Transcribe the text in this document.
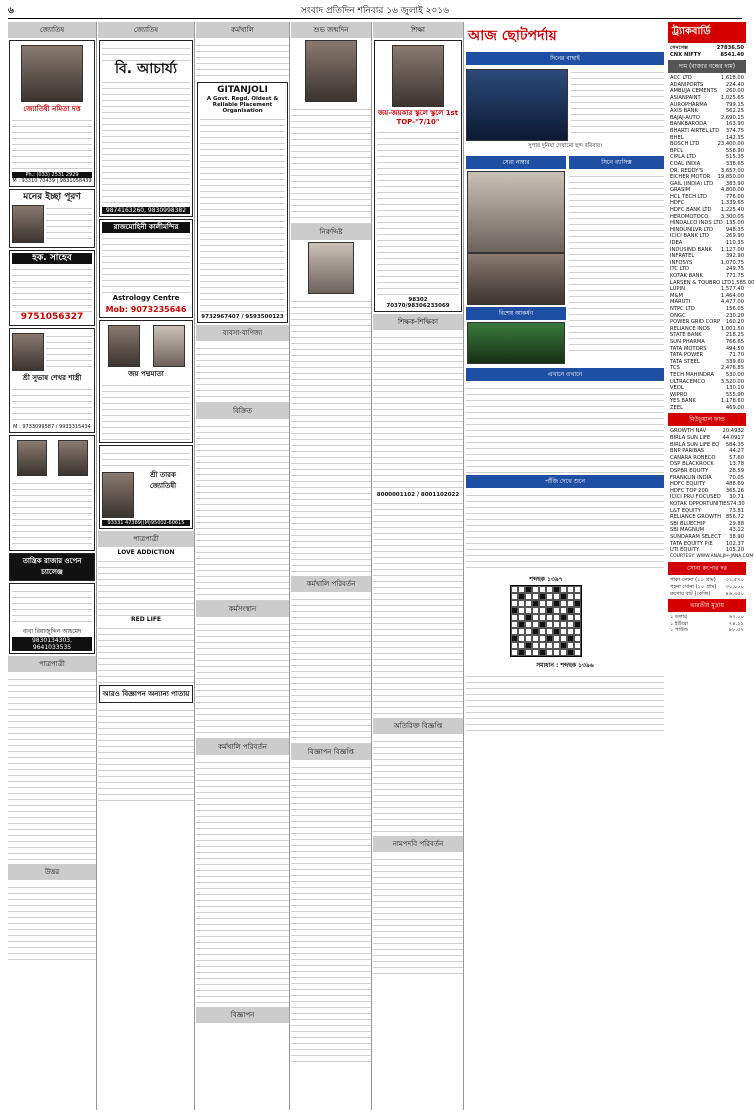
৬	সংবাদ প্রতিদিন শনিবার ১৬ জুলাই ২০১৬
জ্যোতিষ
জ্যোতিষী নমিতা দত্ত
Ph.: (033) 2531 2929
M : 93310 70439 | 9831058439
মনের ইচ্ছা পূরণ
হক. সাহেব
9751056327
শ্রী সুভাষ শেখর শাস্ত্রী
M : 9733099587 / 9933315434
তান্ত্রিক রাজার ওপেন চ্যালেঞ্জ
বাবা রিয়াজুদ্দিন আহমেদ
9830134303, 9641033535
পাত্রপাত্রী
উত্তর
জ্যোতিষ
বি. আচার্য্য
9874163260, 9830998382
রাজমোহিনী কালীমন্দির
Astrology Centre
Mob: 9073235646
জয় পদ্মমাতা
শ্রী তারক জ্যোতিষী
93331 47389|(M)95002-60615
পাত্রপাত্রী
LOVE ADDICTION
RED LIFE
আরও বিজ্ঞাপন অন্যান্য পাতায়
কর্মখালি
GITANJOLI
A Govt. Regd. Oldest & Reliable Placement Organisation
9732967407 / 9593500123
ব্যবসা-বাণিজ্য
বিক্রিত
কর্মসংস্থান
কর্মখালি পরিবর্তন
বিজ্ঞাপন
শুভ জন্মদিন
নিরুদ্দিষ্ট
কর্মখালি পরিবর্তন
বিজ্ঞাপন বিজ্ঞপ্তি
শিক্ষা
জয়-জয়কার স্কুলে স্কুলে 1st TOP-"7/10"
98302 70370/98306233069
শিক্ষক-শিক্ষিকা
8000001102 / 8001102022
অতিরিক্ত বিজ্ঞপ্তি
নামপদবি পরিবর্তন
আজ ছোটপর্দায়
দিনের বাছাই
সুপার দুনিয়া দেখানো ছন্দ রবিবার।
সেরা নাম্বার	সিনে ব্যাসিক্স
বিশেষ আকর্ষণ
এখানে ওখানে
পাঁজি দেখে শুনে
শব্দছক ১৩৯৭
সমাধান : শব্দছক ১৩৯৬
ট্র্যাকবার্ডি
সেনসেক্স	27836.50
CNX NIFTY	8541.40
দাম (বাজার বন্ধের দাম)
ACC LTD	1,618.00
ADANIPORTS	224.40
AMBUJA CEMENTS 260.00
ASIANPAINT	1,025.65
AUROPHARMA	799.15
AXIS BANK	562.25
BAJAJ-AUTO	2,690.15
BANKBARODA	163.90
BHARTI AIRTEL LTD 374.75
BHEL	142.35
BOSCH LTD	23,400.00
BPCL	558.90
CIPLA LTD	515.35
COAL INDIA	338.65
DR. REDDY'S	3,657.00
EICHER MOTOR 19,850.00
GAIL (INDIA) LTD 383.90
GRASIM	4,800.00
HCL TECH LTD	776.00
HDFC	1,339.65
HDFC BANK LTD 1,225.40
HEROMOTOCO 3,300.05
HINDALCO INDS LTD 135.00
HINDUNILVR LTD 948.35
ICICI BANK LTD	269.90
IDEA	110.35
INDUSIND BANK 1,127.00
INFRATEL	392.90
INFOSYS	1,070.75
ITC LTD	249.75
KOTAK BANK	771.75
LARSEN & TOUBRO LTD 1,585.00
LUPIN	1,577.40
M&M	1,464.00
MARUTI	4,477.00
NTPC LTD	156.05
ONGC	230.20
POWER GRID CORP 160.20
RELIANCE INDS 1,001.50
STATE BANK	218.25
SUN PHARMA	766.65
TATA MOTORS	494.50
TATA POWER	71.70
TATA STEEL	339.60
TCS	2,476.85
TECH MAHINDRA 530.00
ULTRACEMCO	3,520.00
VEDL	130.10
WIPRO	555.90
YES BANK	1,178.60
ZEEL	469.00
মিউচুয়াল ফান্ড
GROWTH NAV	20.4932
BIRLA SUN LIFE 44.0917
BIRLA SUN LIFE EQ 584.35
BNP PARIBAS	44.27
CANARA ROBECO	57.60
DSP BLACKROCK	13.78
DSPBR EQUITY	28.59
FRANKLIN INDIA	70.05
HDFC EQUITY	488.69
HDFC TOP 200	365.26
ICICI PRU FOCUSED 30.71
KOTAK OPPORTUNITIES 74.30
L&T EQUITY	73.81
RELIANCE GROWTH 856.72
SBI BLUECHIP	29.88
SBI MAGNUM	43.12
SUNDARAM SELECT 38.90
TATA EQUITY P/E	102.37
UTI EQUITY	105.20
COURTESY: WWW.ANALJIH-JANA.COM
সোনা রুপোর দর
পাকা সোনা (১০ গ্রাম) ৩১,৫৭০
গহনা সোনা (১০ গ্রাম) ৩০,০০০
রুপোর বাট (কেজি)	৪৬,৩৫০
ভারতীয় মুদ্রায়
১ ডলার	৬৭.০০
১ ইউরো	৭৪.২১
১ পাউন্ড	৮৮.৫৭
